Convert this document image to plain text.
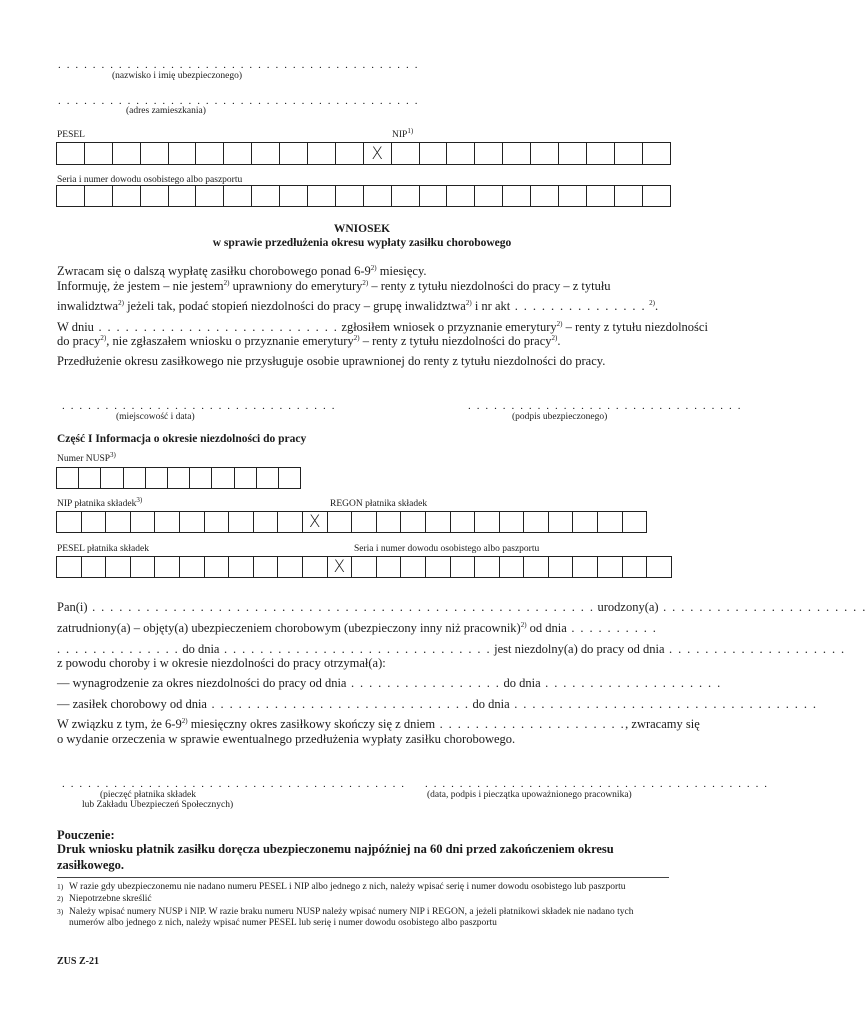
. . . . . . . . . . . . . . . . . . . . . . . . . . . . . . . . . . . . . . . . . .
(nazwisko i imię ubezpieczonego)
. . . . . . . . . . . . . . . . . . . . . . . . . . . . . . . . . . . . . . . . . .
(adres zamieszkania)
PESEL	NIP$^{1)}$
X
Seria i numer dowodu osobistego albo paszportu
WNIOSEK
w sprawie przedłużenia okresu wypłaty zasiłku chorobowego
Zwracam się o dalszą wypłatę zasiłku chorobowego ponad 6-9$^{2)}$ miesięcy.
Informuję, że jestem – nie jestem$^{2)}$ uprawniony do emerytury$^{2)}$ – renty z tytułu niezdolności do pracy – z tytułu
inwalidztwa$^{2)}$ jeżeli tak, podać stopień niezdolności do pracy – grupę inwalidztwa$^{2)}$ i nr akt . . . . . . . . . . . . . . . $^{2)}$.
W dniu . . . . . . . . . . . . . . . . . . . . . . . . . . . zgłosiłem wniosek o przyznanie emerytury$^{2)}$ – renty z tytułu niezdolności
do pracy$^{2)}$, nie zgłaszałem wniosku o przyznanie emerytury$^{2)}$ – renty z tytułu niezdolności do pracy$^{2)}$.
Przedłużenie okresu zasiłkowego nie przysługuje osobie uprawnionej do renty z tytułu niezdolności do pracy.
. . . . . . . . . . . . . . . . . . . . . . . . . . . . . . . .
(miejscowość i data)
. . . . . . . . . . . . . . . . . . . . . . . . . . . . . . . .
(podpis ubezpieczonego)
Część I Informacja o okresie niezdolności do pracy
Numer NUSP$^{3)}$
NIP płatnika składek$^{3)}$	REGON płatnika składek
X
PESEL płatnika składek	Seria i numer dowodu osobistego albo paszportu
X
Pan(i) . . . . . . . . . . . . . . . . . . . . . . . . . . . . . . . . . . . . . . . . . . . . . . . . . . . . . . . . urodzony(a) . . . . . . . . . . . . . . . . . . . . . . .
zatrudniony(a) – objęty(a) ubezpieczeniem chorobowym (ubezpieczony inny niż pracownik)$^{2)}$ od dnia . . . . . . . . . .
. . . . . . . . . . . . . . do dnia . . . . . . . . . . . . . . . . . . . . . . . . . . . . . . jest niezdolny(a) do pracy od dnia . . . . . . . . . . . . . . . . . . . .
z powodu choroby i w okresie niezdolności do pracy otrzymał(a):
— wynagrodzenie za okres niezdolności do pracy od dnia . . . . . . . . . . . . . . . . . do dnia . . . . . . . . . . . . . . . . . . . .
— zasiłek chorobowy od dnia . . . . . . . . . . . . . . . . . . . . . . . . . . . . . do dnia . . . . . . . . . . . . . . . . . . . . . . . . . . . . . . . . . .
W związku z tym, że 6-9$^{2)}$ miesięczny okres zasiłkowy skończy się z dniem . . . . . . . . . . . . . . . . . . . . ., zwracamy się
o wydanie orzeczenia w sprawie ewentualnego przedłużenia wypłaty zasiłku chorobowego.
. . . . . . . . . . . . . . . . . . . . . . . . . . . . . . . . . . . . . . . .
(pieczęć płatnika składek
lub Zakładu Ubezpieczeń Społecznych)
. . . . . . . . . . . . . . . . . . . . . . . . . . . . . . . . . . . . . . . .
(data, podpis i pieczątka upoważnionego pracownika)
Pouczenie:
Druk wniosku płatnik zasiłku doręcza ubezpieczonemu najpóźniej na 60 dni przed zakończeniem okresu zasiłkowego.
1) W razie gdy ubezpieczonemu nie nadano numeru PESEL i NIP albo jednego z nich, należy wpisać serię i numer dowodu osobistego lub paszportu
2) Niepotrzebne skreślić
3) Należy wpisać numery NUSP i NIP. W razie braku numeru NUSP należy wpisać numery NIP i REGON, a jeżeli płatnikowi składek nie nadano tych numerów albo jednego z nich, należy wpisać numer PESEL lub serię i numer dowodu osobistego albo paszportu
ZUS Z-21
